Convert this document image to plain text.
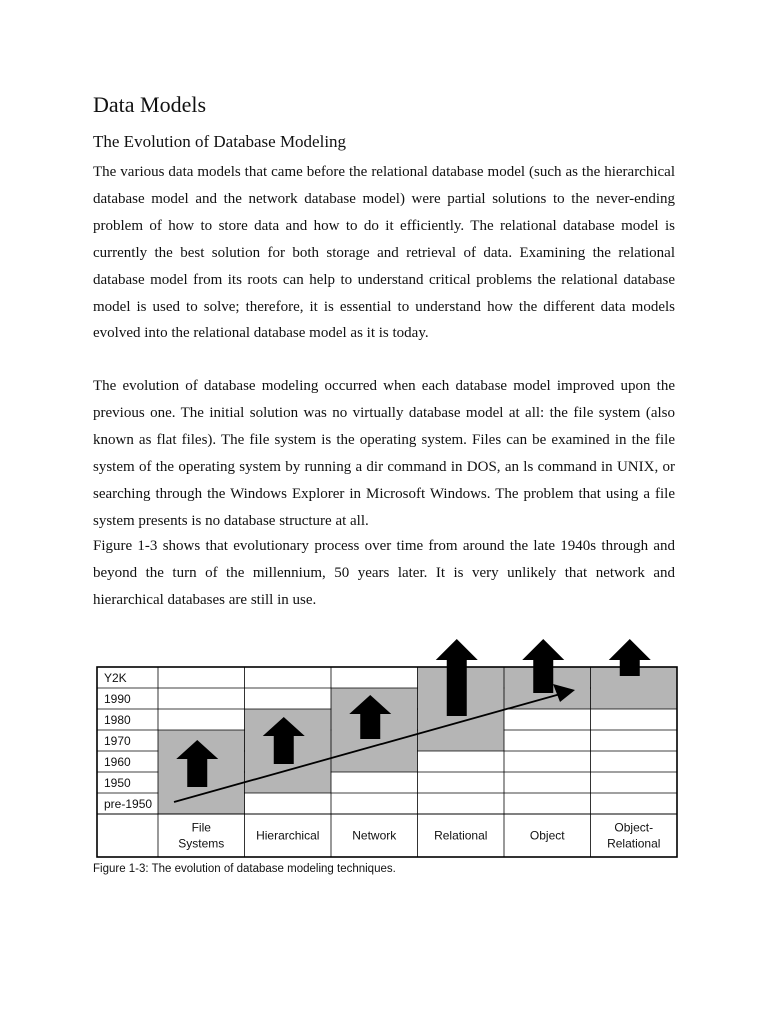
Data Models
The Evolution of Database Modeling

The various data models that came before the relational database model (such as the hierarchical database model and the network database model) were partial solutions to the never-ending problem of how to store data and how to do it efficiently. The relational database model is currently the best solution for both storage and retrieval of data. Examining the relational database model from its roots can help to understand critical problems the relational database model is used to solve; therefore, it is essential to understand how the different data models evolved into the relational database model as it is today.

The evolution of database modeling occurred when each database model improved upon the previous one. The initial solution was no virtually database model at all: the file system (also known as flat files). The file system is the operating system. Files can be examined in the file system of the operating system by running a dir command in DOS, an ls command in UNIX, or searching through the Windows Explorer in Microsoft Windows. The problem that using a file system presents is no database structure at all.

Figure 1-3 shows that evolutionary process over time from around the late 1940s through and beyond the turn of the millennium, 50 years later. It is very unlikely that network and hierarchical databases are still in use.

Y2K
1990
1980
1970
1960
1950
pre-1950
File
Systems
Hierarchical	Network	Relational	Object
Object-
Relational
Figure 1-3: The evolution of database modeling techniques.
